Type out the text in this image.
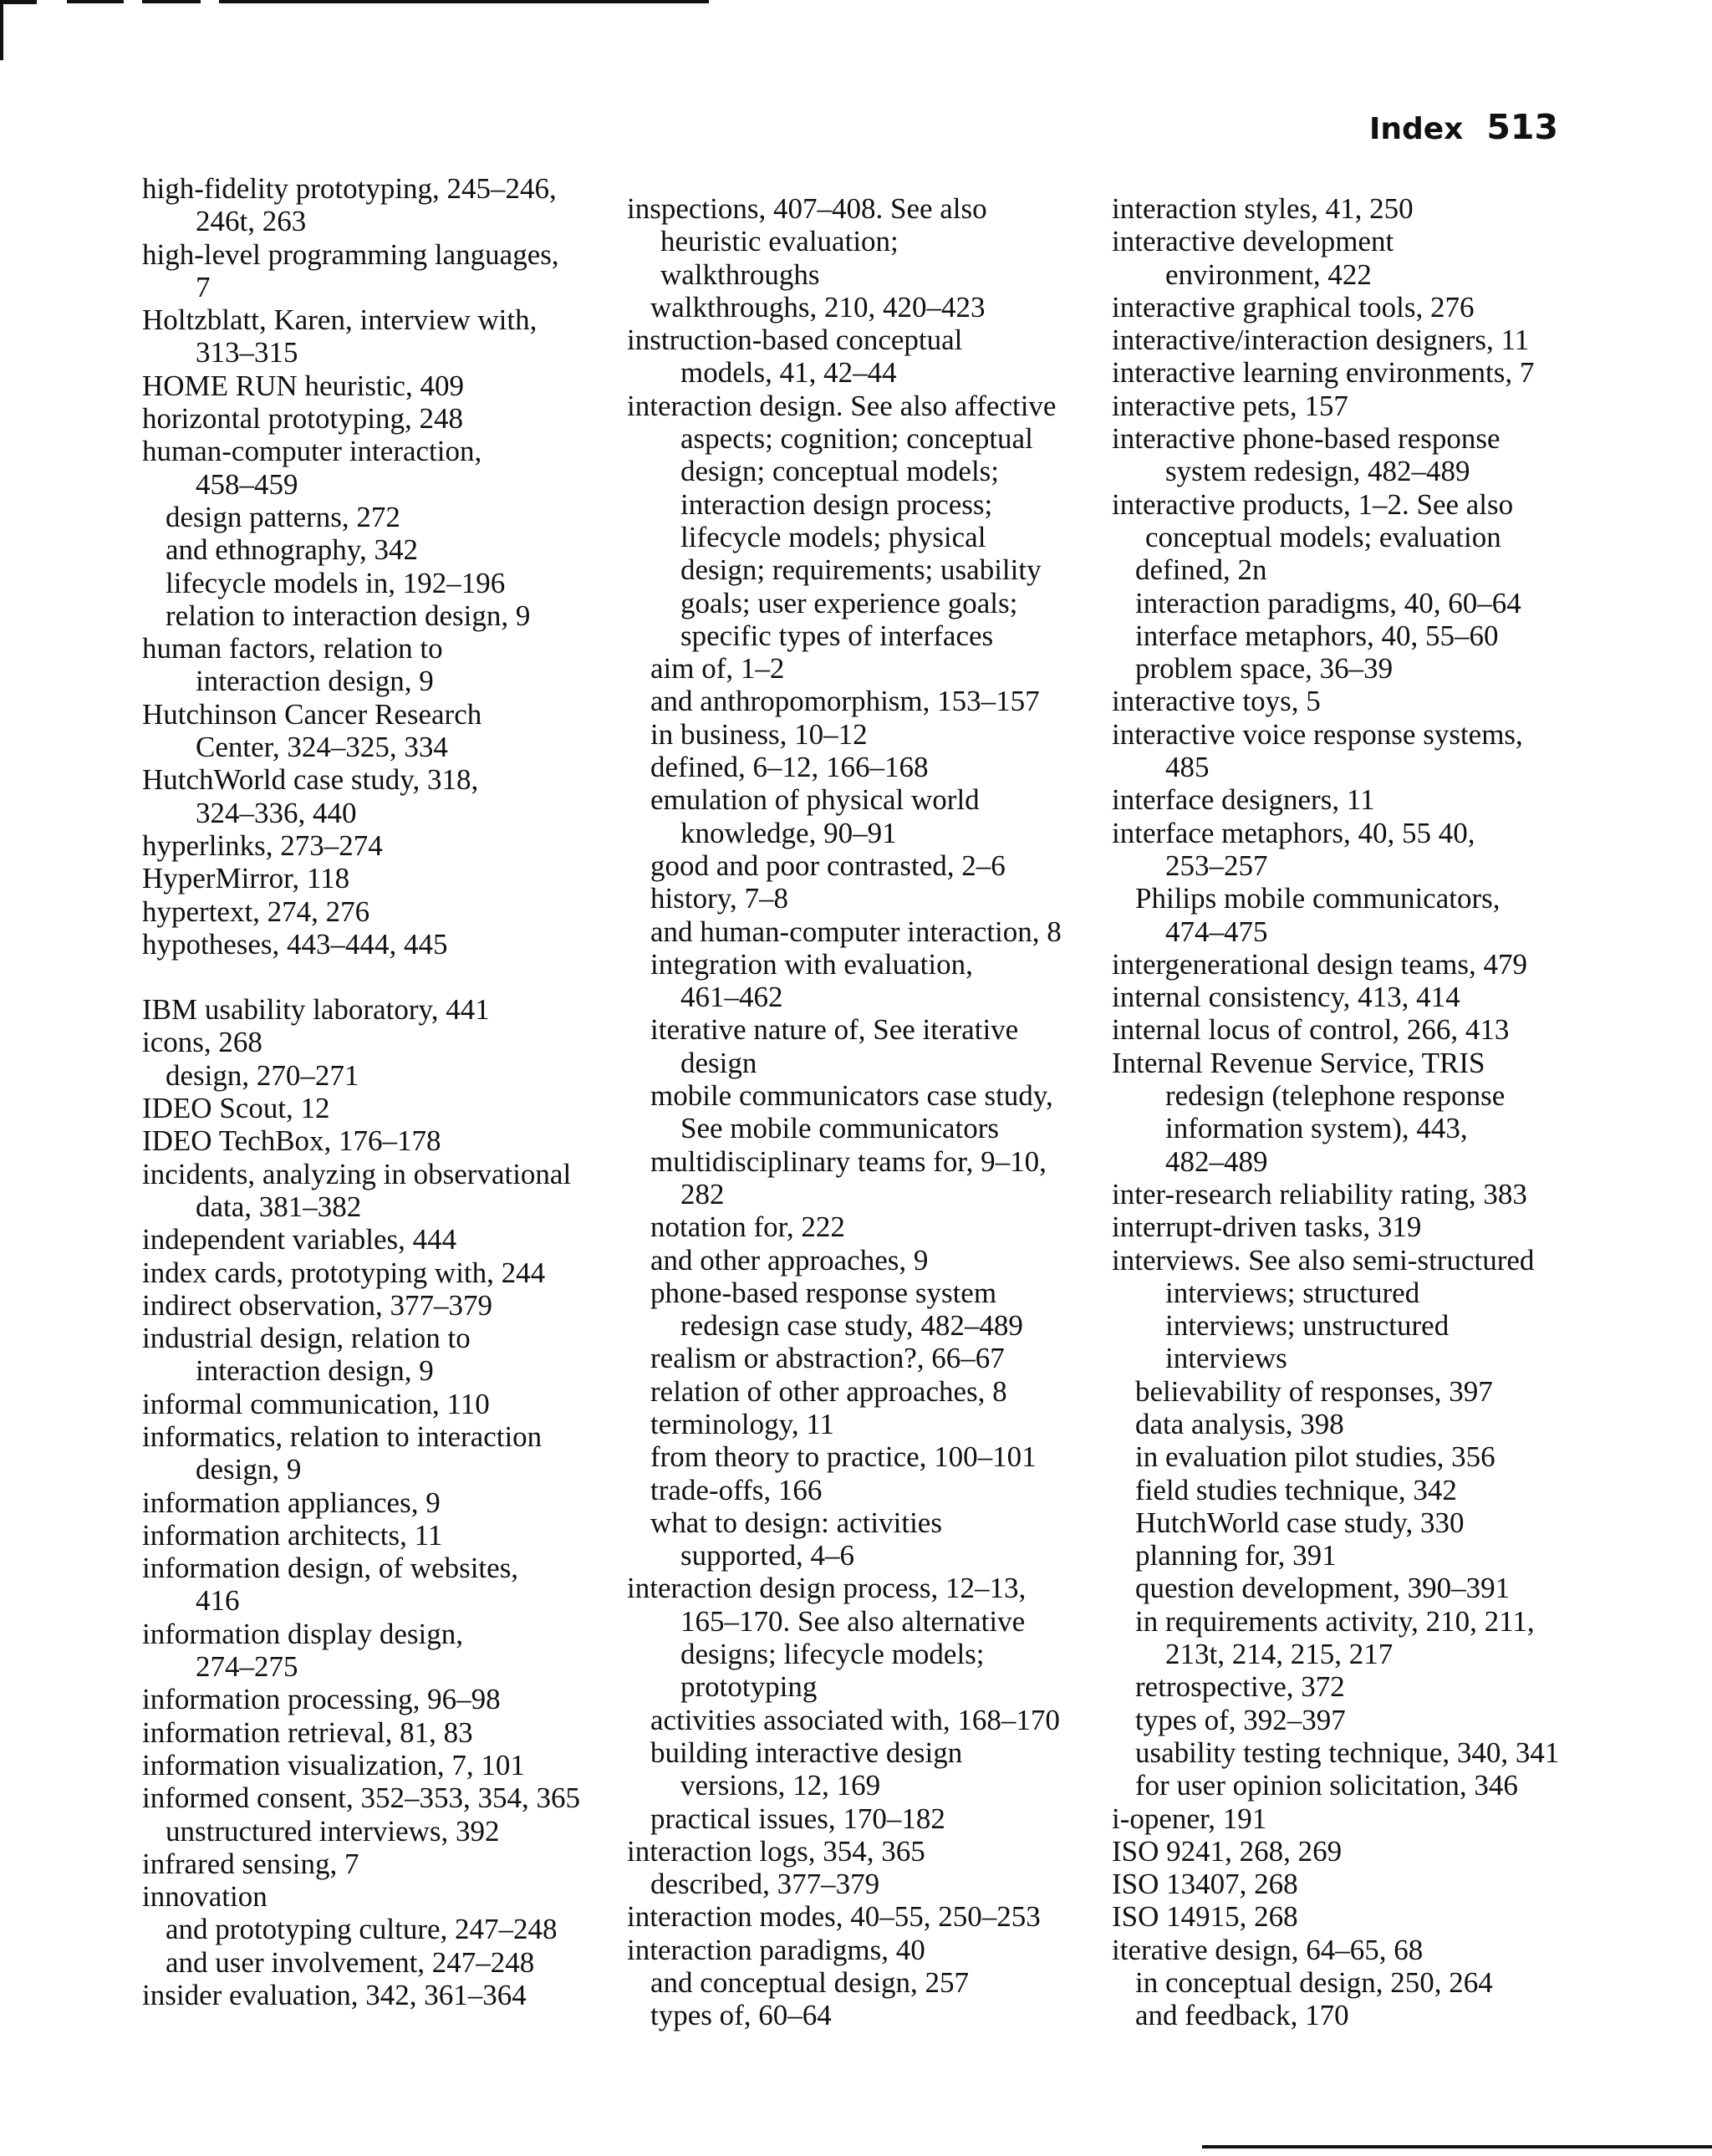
Index 513
high-fidelity prototyping, 245–246,
246t, 263
high-level programming languages,
7
Holtzblatt, Karen, interview with,
313–315
HOME RUN heuristic, 409
horizontal prototyping, 248
human-computer interaction,
458–459
design patterns, 272
and ethnography, 342
lifecycle models in, 192–196
relation to interaction design, 9
human factors, relation to
interaction design, 9
Hutchinson Cancer Research
Center, 324–325, 334
HutchWorld case study, 318,
324–336, 440
hyperlinks, 273–274
HyperMirror, 118
hypertext, 274, 276
hypotheses, 443–444, 445
IBM usability laboratory, 441
icons, 268
design, 270–271
IDEO Scout, 12
IDEO TechBox, 176–178
incidents, analyzing in observational
data, 381–382
independent variables, 444
index cards, prototyping with, 244
indirect observation, 377–379
industrial design, relation to
interaction design, 9
informal communication, 110
informatics, relation to interaction
design, 9
information appliances, 9
information architects, 11
information design, of websites,
416
information display design,
274–275
information processing, 96–98
information retrieval, 81, 83
information visualization, 7, 101
informed consent, 352–353, 354, 365
unstructured interviews, 392
infrared sensing, 7
innovation
and prototyping culture, 247–248
and user involvement, 247–248
insider evaluation, 342, 361–364
inspections, 407–408. See also
heuristic evaluation;
walkthroughs
walkthroughs, 210, 420–423
instruction-based conceptual
models, 41, 42–44
interaction design. See also affective
aspects; cognition; conceptual
design; conceptual models;
interaction design process;
lifecycle models; physical
design; requirements; usability
goals; user experience goals;
specific types of interfaces
aim of, 1–2
and anthropomorphism, 153–157
in business, 10–12
defined, 6–12, 166–168
emulation of physical world
knowledge, 90–91
good and poor contrasted, 2–6
history, 7–8
and human-computer interaction, 8
integration with evaluation,
461–462
iterative nature of, See iterative
design
mobile communicators case study,
See mobile communicators
multidisciplinary teams for, 9–10,
282
notation for, 222
and other approaches, 9
phone-based response system
redesign case study, 482–489
realism or abstraction?, 66–67
relation of other approaches, 8
terminology, 11
from theory to practice, 100–101
trade-offs, 166
what to design: activities
supported, 4–6
interaction design process, 12–13,
165–170. See also alternative
designs; lifecycle models;
prototyping
activities associated with, 168–170
building interactive design
versions, 12, 169
practical issues, 170–182
interaction logs, 354, 365
described, 377–379
interaction modes, 40–55, 250–253
interaction paradigms, 40
and conceptual design, 257
types of, 60–64
interaction styles, 41, 250
interactive development
environment, 422
interactive graphical tools, 276
interactive/interaction designers, 11
interactive learning environments, 7
interactive pets, 157
interactive phone-based response
system redesign, 482–489
interactive products, 1–2. See also
conceptual models; evaluation
defined, 2n
interaction paradigms, 40, 60–64
interface metaphors, 40, 55–60
problem space, 36–39
interactive toys, 5
interactive voice response systems,
485
interface designers, 11
interface metaphors, 40, 55 40,
253–257
Philips mobile communicators,
474–475
intergenerational design teams, 479
internal consistency, 413, 414
internal locus of control, 266, 413
Internal Revenue Service, TRIS
redesign (telephone response
information system), 443,
482–489
inter-research reliability rating, 383
interrupt-driven tasks, 319
interviews. See also semi-structured
interviews; structured
interviews; unstructured
interviews
believability of responses, 397
data analysis, 398
in evaluation pilot studies, 356
field studies technique, 342
HutchWorld case study, 330
planning for, 391
question development, 390–391
in requirements activity, 210, 211,
213t, 214, 215, 217
retrospective, 372
types of, 392–397
usability testing technique, 340, 341
for user opinion solicitation, 346
i-opener, 191
ISO 9241, 268, 269
ISO 13407, 268
ISO 14915, 268
iterative design, 64–65, 68
in conceptual design, 250, 264
and feedback, 170
